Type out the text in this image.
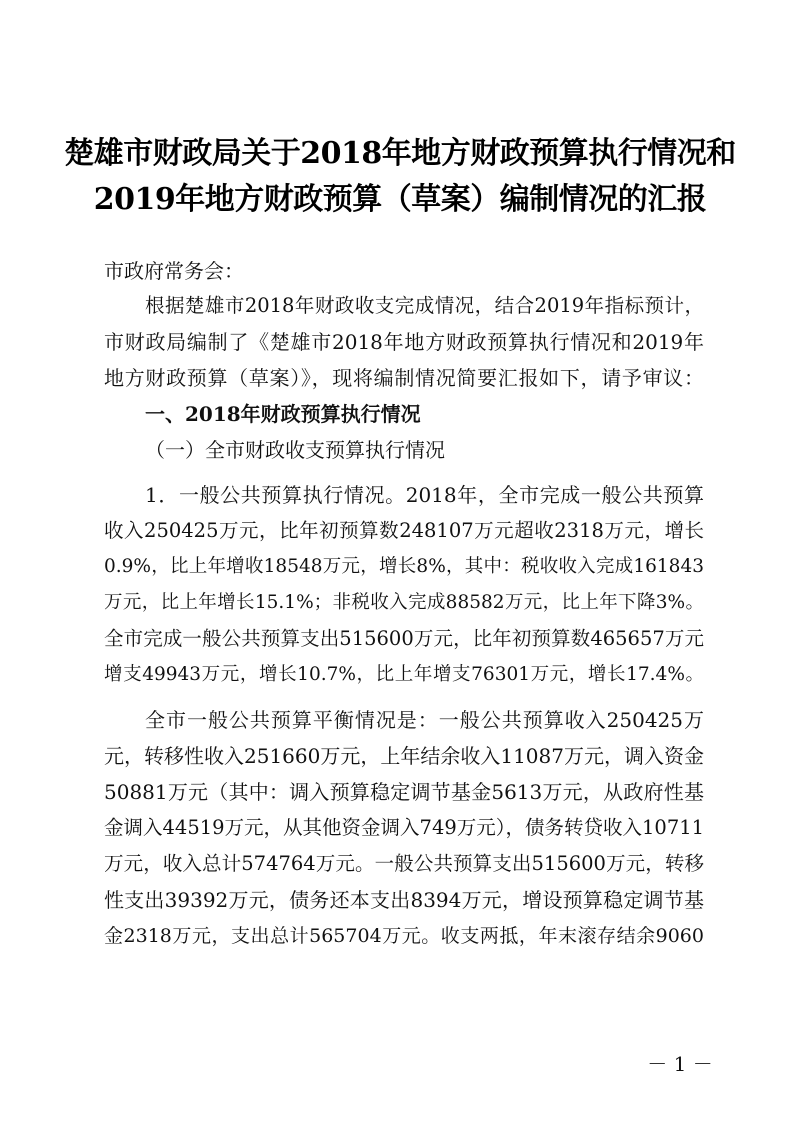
楚雄市财政局关于2018年地方财政预算执行情况和
2019年地方财政预算（草案）编制情况的汇报
市政府常务会：
根据楚雄市2018年财政收支完成情况，结合2019年指标预计，
市财政局编制了《楚雄市2018年地方财政预算执行情况和2019年
地方财政预算（草案）》，现将编制情况简要汇报如下，请予审议：
一、2018年财政预算执行情况
（一）全市财政收支预算执行情况
1．一般公共预算执行情况。2018年，全市完成一般公共预算
收入250425万元，比年初预算数248107万元超收2318万元，增长
0.9%，比上年增收18548万元，增长8%，其中：税收收入完成161843
万元，比上年增长15.1%；非税收入完成88582万元，比上年下降3%。
全市完成一般公共预算支出515600万元，比年初预算数465657万元
增支49943万元，增长10.7%，比上年增支76301万元，增长17.4%。
全市一般公共预算平衡情况是：一般公共预算收入250425万
元，转移性收入251660万元，上年结余收入11087万元，调入资金
50881万元（其中：调入预算稳定调节基金5613万元，从政府性基
金调入44519万元，从其他资金调入749万元），债务转贷收入10711
万元，收入总计574764万元。一般公共预算支出515600万元，转移
性支出39392万元，债务还本支出8394万元，增设预算稳定调节基
金2318万元，支出总计565704万元。收支两抵，年末滚存结余9060
－ 1 －
